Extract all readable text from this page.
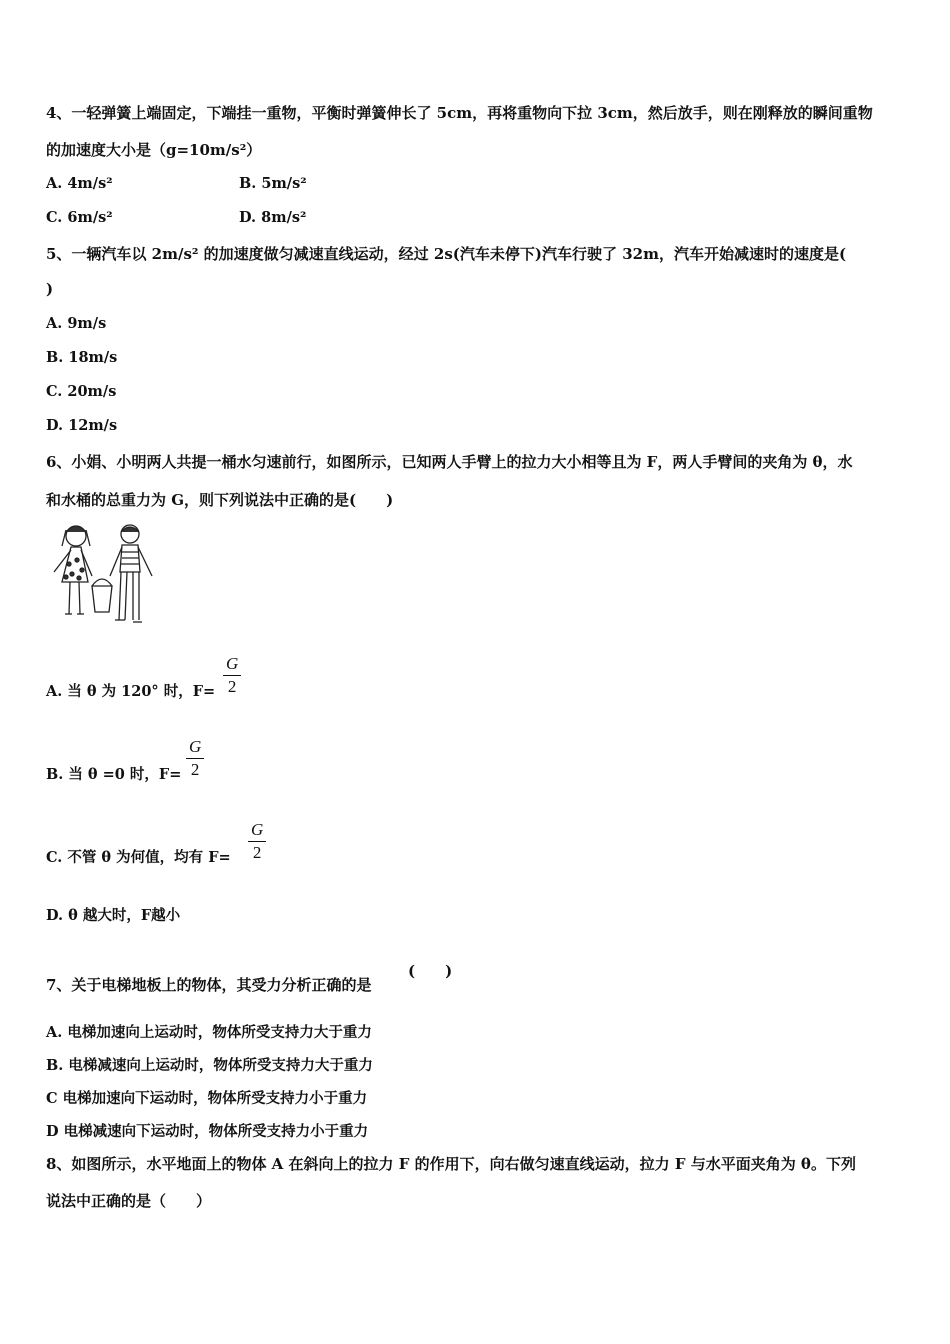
4、一轻弹簧上端固定，下端挂一重物，平衡时弹簧伸长了 5cm，再将重物向下拉 3cm，然后放手，则在刚释放的瞬间重物
的加速度大小是（g=10m/s²）
A. 4m/s²	B. 5m/s²
C. 6m/s²	D. 8m/s²
5、一辆汽车以 2m/s² 的加速度做匀减速直线运动，经过 2s(汽车未停下)汽车行驶了 32m，汽车开始减速时的速度是(
)
A. 9m/s
B. 18m/s
C. 20m/s
D. 12m/s
6、小娟、小明两人共提一桶水匀速前行，如图所示，已知两人手臂上的拉力大小相等且为 F，两人手臂间的夹角为 θ，水
和水桶的总重力为 G，则下列说法中正确的是(　　)
A. 当 θ 为 120° 时，$F= \frac{G}{2}$
B. 当 θ =0 时，$F= \frac{G}{2}$
C. 不管 θ 为何值，均有 $F= \frac{G}{2}$
D. θ 越大时，F越小
7、关于电梯地板上的物体，其受力分析正确的是
(　　)
A. 电梯加速向上运动时，物体所受支持力大于重力
B. 电梯减速向上运动时，物体所受支持力大于重力
C 电梯加速向下运动时，物体所受支持力小于重力
D 电梯减速向下运动时，物体所受支持力小于重力
8、如图所示，水平地面上的物体 A 在斜向上的拉力 F 的作用下，向右做匀速直线运动，拉力 F 与水平面夹角为 θ。下列
说法中正确的是（　　）
